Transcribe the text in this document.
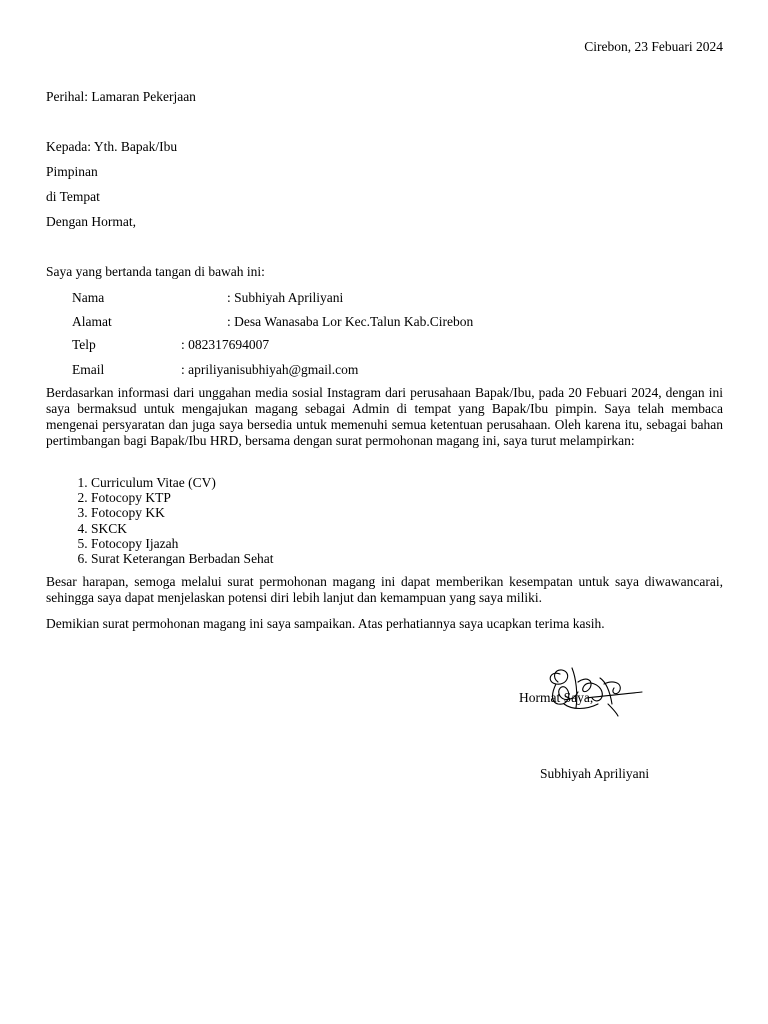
Cirebon, 23 Febuari 2024
Perihal: Lamaran Pekerjaan
Kepada: Yth. Bapak/Ibu
Pimpinan
di Tempat
Dengan Hormat,
Saya yang bertanda tangan di bawah ini:
Nama	: Subhiyah Apriliyani
Alamat	: Desa Wanasaba Lor Kec.Talun Kab.Cirebon
Telp	: 082317694007
Email	: apriliyanisubhiyah@gmail.com
Berdasarkan informasi dari unggahan media sosial Instagram dari perusahaan Bapak/Ibu, pada 20 Febuari 2024, dengan ini saya bermaksud untuk mengajukan magang sebagai Admin di tempat yang Bapak/Ibu pimpin. Saya telah membaca mengenai persyaratan dan juga saya bersedia untuk memenuhi semua ketentuan perusahaan. Oleh karena itu, sebagai bahan pertimbangan bagi Bapak/Ibu HRD, bersama dengan surat permohonan magang ini, saya turut melampirkan:
1. Curriculum Vitae (CV)
2. Fotocopy KTP
3. Fotocopy KK
4. SKCK
5. Fotocopy Ijazah
6. Surat Keterangan Berbadan Sehat
Besar harapan, semoga melalui surat permohonan magang ini dapat memberikan kesempatan untuk saya diwawancarai, sehingga saya dapat menjelaskan potensi diri lebih lanjut dan kemampuan yang saya miliki.
Demikian surat permohonan magang ini saya sampaikan. Atas perhatiannya saya ucapkan terima kasih.
Hormat Saya,
Subhiyah Apriliyani
